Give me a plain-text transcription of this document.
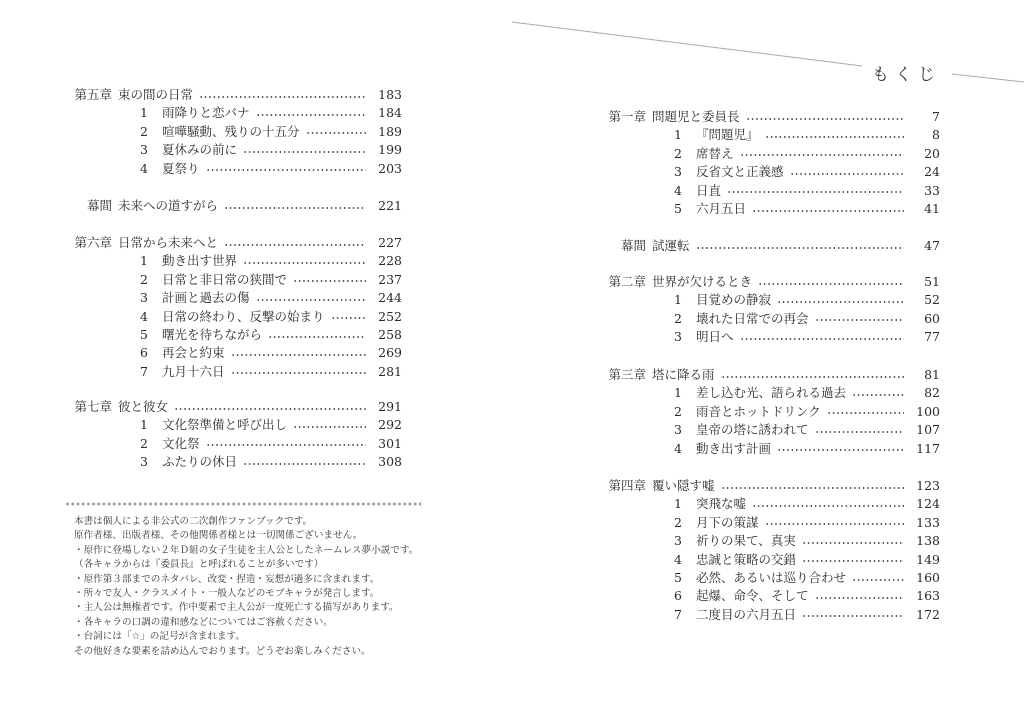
もくじ
第五章 束の間の日常	183
1 雨降りと恋バナ	184
2 喧嘩騒動、残りの十五分	189
3 夏休みの前に	199
4 夏祭り	203
幕間 未来への道すがら	221
第六章 日常から未来へと	227
1 動き出す世界	228
2 日常と非日常の狭間で	237
3 計画と過去の傷	244
4 日常の終わり、反撃の始まり	252
5 曙光を待ちながら	258
6 再会と約束	269
7 九月十六日	281
第七章 彼と彼女	291
1 文化祭準備と呼び出し	292
2 文化祭	301
3 ふたりの休日	308
本書は個人による非公式の二次創作ファンブックです。
原作者様、出版者様、その他関係者様とは一切関係ございません。
・原作に登場しない２年Ｄ組の女子生徒を主人公としたネームレス夢小説です。
（各キャラからは『委員長』と呼ばれることが多いです）
・原作第３部までのネタバレ、改変・捏造・妄想が過多に含まれます。
・所々で友人・クラスメイト・一般人などのモブキャラが発言します。
・主人公は無権者です。作中要素で主人公が一度死亡する描写があります。
・各キャラの口調の違和感などについてはご容赦ください。
・台詞には「☆」の記号が含まれます。
その他好きな要素を詰め込んでおります。どうぞお楽しみください。
第一章 問題児と委員長	7
1 『問題児』	8
2 席替え	20
3 反省文と正義感	24
4 日直	33
5 六月五日	41
幕間 試運転	47
第二章 世界が欠けるとき	51
1 目覚めの静寂	52
2 壊れた日常での再会	60
3 明日へ	77
第三章 塔に降る雨	81
1 差し込む光、語られる過去	82
2 雨音とホットドリンク	100
3 皇帝の塔に誘われて	107
4 動き出す計画	117
第四章 覆い隠す嘘	123
1 突飛な嘘	124
2 月下の策謀	133
3 祈りの果て、真実	138
4 忠誠と策略の交錯	149
5 必然、あるいは巡り合わせ	160
6 起爆、命令、そして	163
7 二度目の六月五日	172
